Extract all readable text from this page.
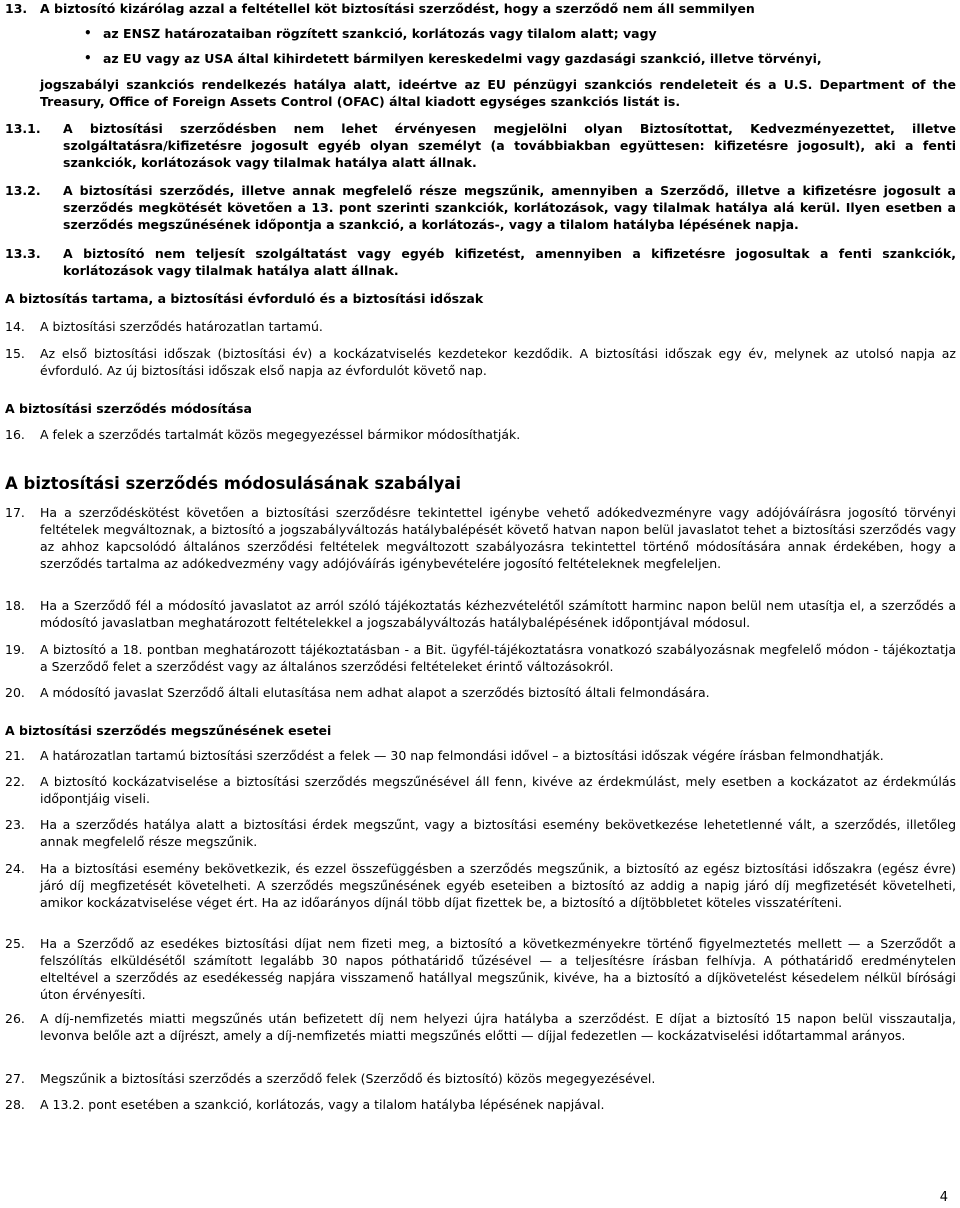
13.	A biztosító kizárólag azzal a feltétellel köt biztosítási szerződést, hogy a szerződő nem áll semmilyen
• az ENSZ határozataiban rögzített szankció, korlátozás vagy tilalom alatt; vagy
• az EU vagy az USA által kihirdetett bármilyen kereskedelmi vagy gazdasági szankció, illetve törvényi,
jogszabályi szankciós rendelkezés hatálya alatt, ideértve az EU pénzügyi szankciós rendeleteit és a U.S. Department of the Treasury, Office of Foreign Assets Control (OFAC) által kiadott egységes szankciós listát is.
13.1.	A biztosítási szerződésben nem lehet érvényesen megjelölni olyan Biztosítottat, Kedvezményezettet, illetve szolgáltatásra/kifizetésre jogosult egyéb olyan személyt (a továbbiakban együttesen: kifizetésre jogosult), aki a fenti szankciók, korlátozások vagy tilalmak hatálya alatt állnak.
13.2.	A biztosítási szerződés, illetve annak megfelelő része megszűnik, amennyiben a Szerződő, illetve a kifizetésre jogosult a szerződés megkötését követően a 13. pont szerinti szankciók, korlátozások, vagy tilalmak hatálya alá kerül. Ilyen esetben a szerződés megszűnésének időpontja a szankció, a korlátozás-, vagy a tilalom hatályba lépésének napja.
13.3.	A biztosító nem teljesít szolgáltatást vagy egyéb kifizetést, amennyiben a kifizetésre jogosultak a fenti szankciók, korlátozások vagy tilalmak hatálya alatt állnak.
A biztosítás tartama, a biztosítási évforduló és a biztosítási időszak
14.	A biztosítási szerződés határozatlan tartamú.
15.	Az első biztosítási időszak (biztosítási év) a kockázatviselés kezdetekor kezdődik. A biztosítási időszak egy év, melynek az utolsó napja az évforduló. Az új biztosítási időszak első napja az évfordulót követő nap.
A biztosítási szerződés módosítása
16.	A felek a szerződés tartalmát közös megegyezéssel bármikor módosíthatják.
A biztosítási szerződés módosulásának szabályai
17.	Ha a szerződéskötést követően a biztosítási szerződésre tekintettel igénybe vehető adókedvezményre vagy adójóváírásra jogosító törvényi feltételek megváltoznak, a biztosító a jogszabályváltozás hatálybalépését követő hatvan napon belül javaslatot tehet a biztosítási szerződés vagy az ahhoz kapcsolódó általános szerződési feltételek megváltozott szabályozásra tekintettel történő módosítására annak érdekében, hogy a szerződés tartalma az adókedvezmény vagy adójóváírás igénybevételére jogosító feltételeknek megfeleljen.
18.	Ha a Szerződő fél a módosító javaslatot az arról szóló tájékoztatás kézhezvételétől számított harminc napon belül nem utasítja el, a szerződés a módosító javaslatban meghatározott feltételekkel a jogszabályváltozás hatálybalépésének időpontjával módosul.
19.	A biztosító a 18. pontban meghatározott tájékoztatásban - a Bit. ügyfél-tájékoztatásra vonatkozó szabályozásnak megfelelő módon - tájékoztatja a Szerződő felet a szerződést vagy az általános szerződési feltételeket érintő változásokról.
20.	A módosító javaslat Szerződő általi elutasítása nem adhat alapot a szerződés biztosító általi felmondására.
A biztosítási szerződés megszűnésének esetei
21.	A határozatlan tartamú biztosítási szerződést a felek — 30 nap felmondási idővel – a biztosítási időszak végére írásban felmondhatják.
22.	A biztosító kockázatviselése a biztosítási szerződés megszűnésével áll fenn, kivéve az érdekmúlást, mely esetben a kockázatot az érdekmúlás időpontjáig viseli.
23.	Ha a szerződés hatálya alatt a biztosítási érdek megszűnt, vagy a biztosítási esemény bekövetkezése lehetetlenné vált, a szerződés, illetőleg annak megfelelő része megszűnik.
24.	Ha a biztosítási esemény bekövetkezik, és ezzel összefüggésben a szerződés megszűnik, a biztosító az egész biztosítási időszakra (egész évre) járó díj megfizetését követelheti. A szerződés megszűnésének egyéb eseteiben a biztosító az addig a napig járó díj megfizetését követelheti, amikor kockázatviselése véget ért. Ha az időarányos díjnál több díjat fizettek be, a biztosító a díjtöbbletet köteles visszatéríteni.
25.	Ha a Szerződő az esedékes biztosítási díjat nem fizeti meg, a biztosító a következményekre történő figyelmeztetés mellett — a Szerződőt a felszólítás elküldésétől számított legalább 30 napos póthatáridő tűzésével — a teljesítésre írásban felhívja. A póthatáridő eredménytelen elteltével a szerződés az esedékesség napjára visszamenő hatállyal megszűnik, kivéve, ha a biztosító a díjkövetelést késedelem nélkül bírósági úton érvényesíti.
26.	A díj-nemfizetés miatti megszűnés után befizetett díj nem helyezi újra hatályba a szerződést. E díjat a biztosító 15 napon belül visszautalja, levonva belőle azt a díjrészt, amely a díj-nemfizetés miatti megszűnés előtti — díjjal fedezetlen — kockázatviselési időtartammal arányos.
27.	Megszűnik a biztosítási szerződés a szerződő felek (Szerződő és biztosító) közös megegyezésével.
28.	A 13.2. pont esetében a szankció, korlátozás, vagy a tilalom hatályba lépésének napjával.
4
